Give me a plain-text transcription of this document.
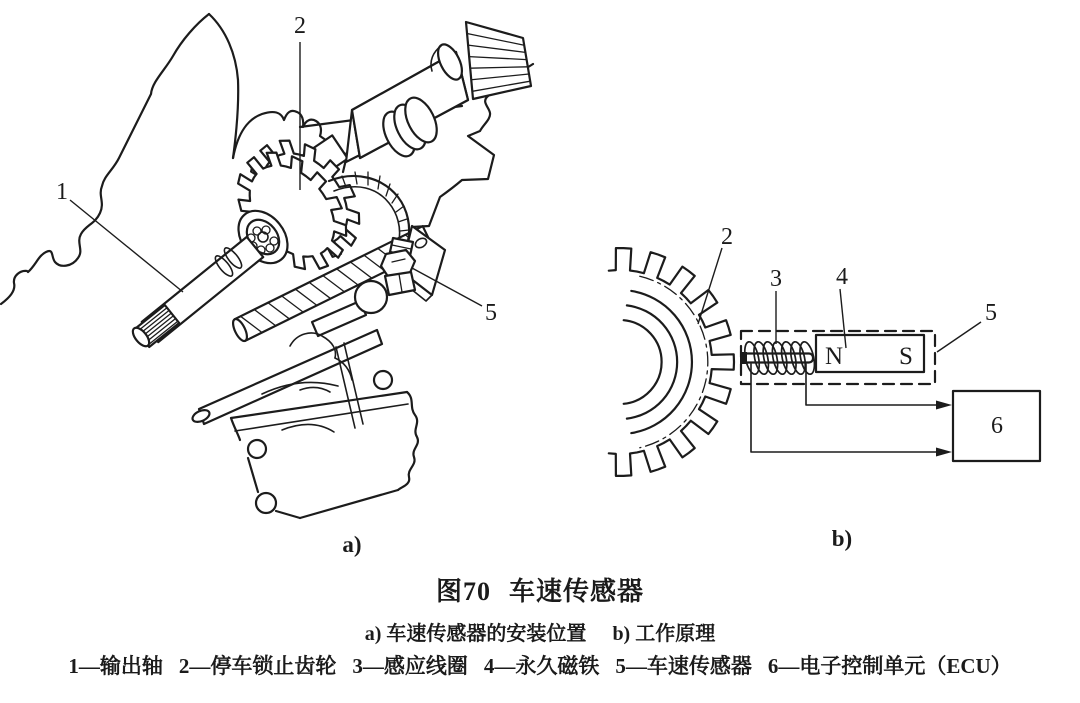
1
2
5
a)
N S
6
2
3 4
5
b)
图70 车速传感器
a) 车速传感器的安装位置 b) 工作原理
1—输出轴 2—停车锁止齿轮 3—感应线圈 4—永久磁铁 5—车速传感器 6—电子控制单元（ECU）
